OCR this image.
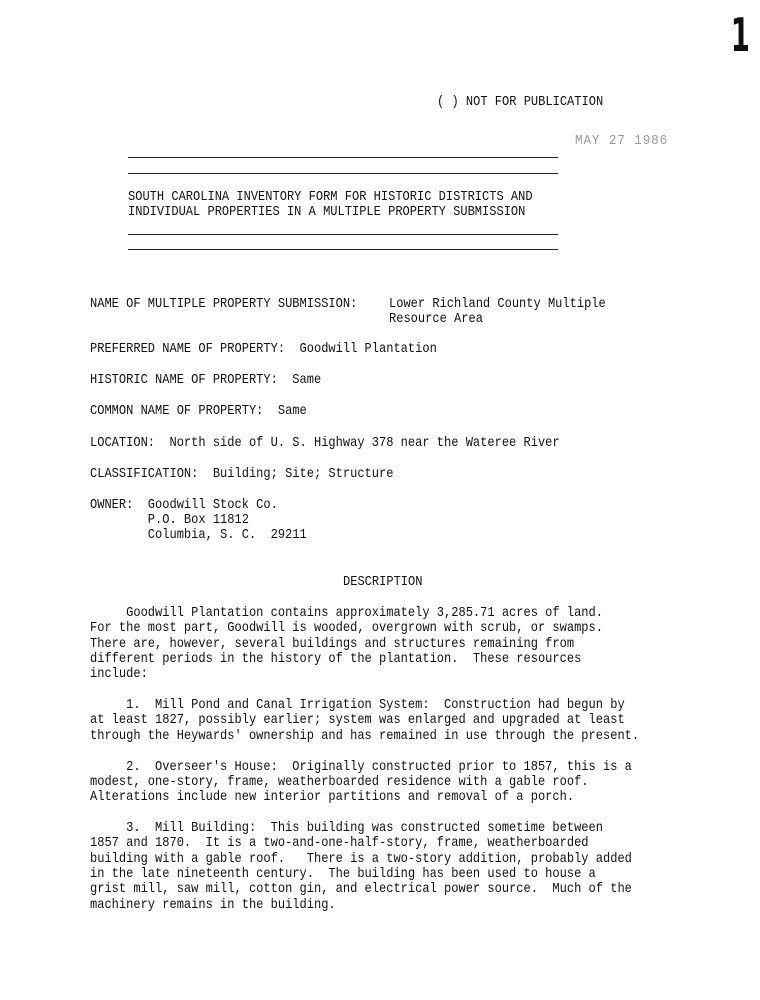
1
( ) NOT FOR PUBLICATION
MAY 27 1986
SOUTH CAROLINA INVENTORY FORM FOR HISTORIC DISTRICTS AND
INDIVIDUAL PROPERTIES IN A MULTIPLE PROPERTY SUBMISSION
NAME OF MULTIPLE PROPERTY SUBMISSION: Lower Richland County Multiple
Resource Area
PREFERRED NAME OF PROPERTY:  Goodwill Plantation
HISTORIC NAME OF PROPERTY:  Same
COMMON NAME OF PROPERTY:  Same
LOCATION:  North side of U. S. Highway 378 near the Wateree River
CLASSIFICATION:  Building; Site; Structure
OWNER:  Goodwill Stock Co.
P.O. Box 11812
Columbia, S. C.  29211
DESCRIPTION
Goodwill Plantation contains approximately 3,285.71 acres of land.
For the most part, Goodwill is wooded, overgrown with scrub, or swamps.
There are, however, several buildings and structures remaining from
different periods in the history of the plantation.  These resources
include:
1.  Mill Pond and Canal Irrigation System:  Construction had begun by
at least 1827, possibly earlier; system was enlarged and upgraded at least
through the Heywards' ownership and has remained in use through the present.
2.  Overseer's House:  Originally constructed prior to 1857, this is a
modest, one-story, frame, weatherboarded residence with a gable roof.
Alterations include new interior partitions and removal of a porch.
3.  Mill Building:  This building was constructed sometime between
1857 and 1870.  It is a two-and-one-half-story, frame, weatherboarded
building with a gable roof.   There is a two-story addition, probably added
in the late nineteenth century.  The building has been used to house a
grist mill, saw mill, cotton gin, and electrical power source.  Much of the
machinery remains in the building.
